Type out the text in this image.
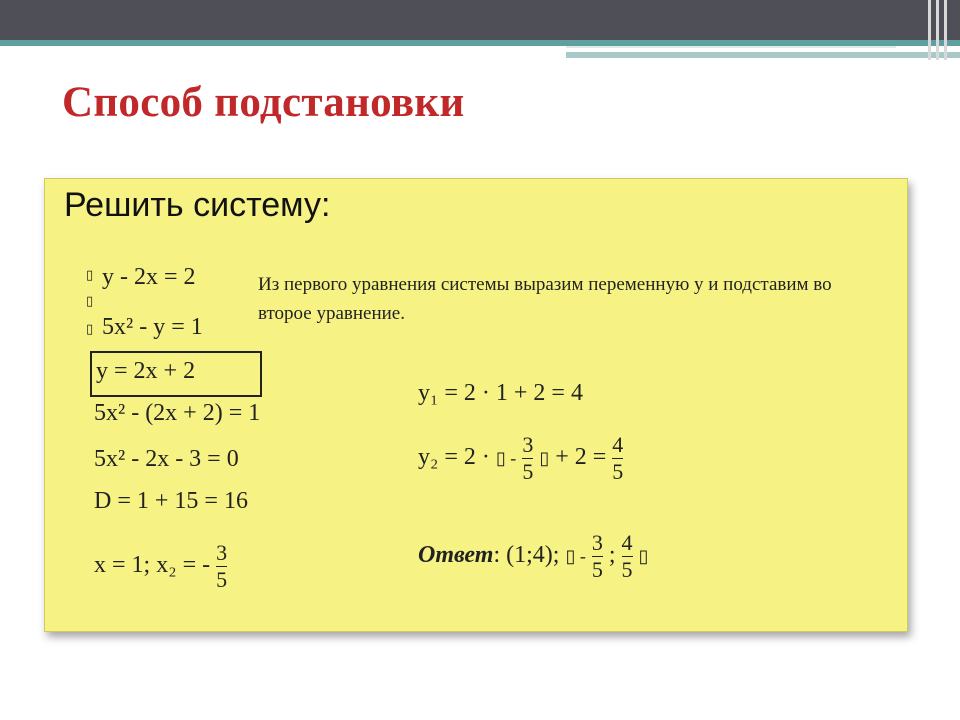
Способ подстановки
Решить систему:
▯
▯
▯
y - 2x = 2
5x² - y = 1
Из первого уравнения системы выразим переменную y и подставим во второе уравнение.
y = 2x + 2
5x² - (2x + 2) = 1
5x² - 2x - 3 = 0
D = 1 + 15 = 16
x = 1; x₂ = - $\frac{3}{5}$
y₁ = 2 · 1 + 2 = 4
y₂ = 2 · ▯ - $\frac{3}{5}$ ▯ + $2 = \frac{4}{5}$
Ответ: (1;4); ▯ - $\frac{3}{5}$ ; $\frac{4}{5}$ ▯
